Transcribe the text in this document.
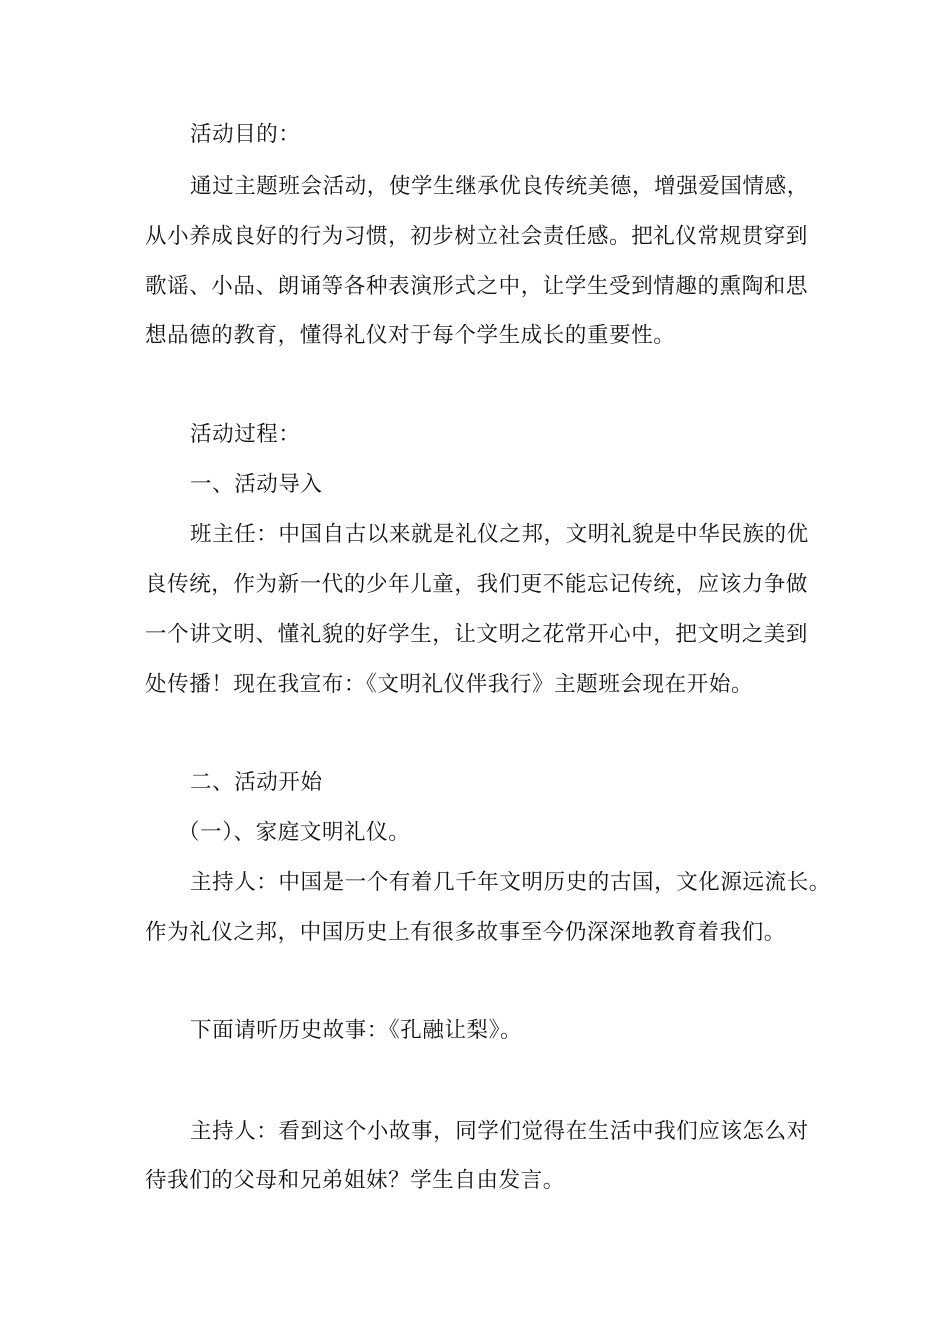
活动目的：
通过主题班会活动，使学生继承优良传统美德，增强爱国情感，
从小养成良好的行为习惯，初步树立社会责任感。把礼仪常规贯穿到
歌谣、小品、朗诵等各种表演形式之中，让学生受到情趣的熏陶和思
想品德的教育，懂得礼仪对于每个学生成长的重要性。
活动过程：
一、活动导入
班主任：中国自古以来就是礼仪之邦，文明礼貌是中华民族的优
良传统，作为新一代的少年儿童，我们更不能忘记传统，应该力争做
一个讲文明、懂礼貌的好学生，让文明之花常开心中，把文明之美到
处传播！现在我宣布：《文明礼仪伴我行》主题班会现在开始。
二、活动开始
（一）、家庭文明礼仪。
主持人：中国是一个有着几千年文明历史的古国，文化源远流长。
作为礼仪之邦，中国历史上有很多故事至今仍深深地教育着我们。
下面请听历史故事：《孔融让梨》。
主持人：看到这个小故事，同学们觉得在生活中我们应该怎么对
待我们的父母和兄弟姐妹？学生自由发言。
